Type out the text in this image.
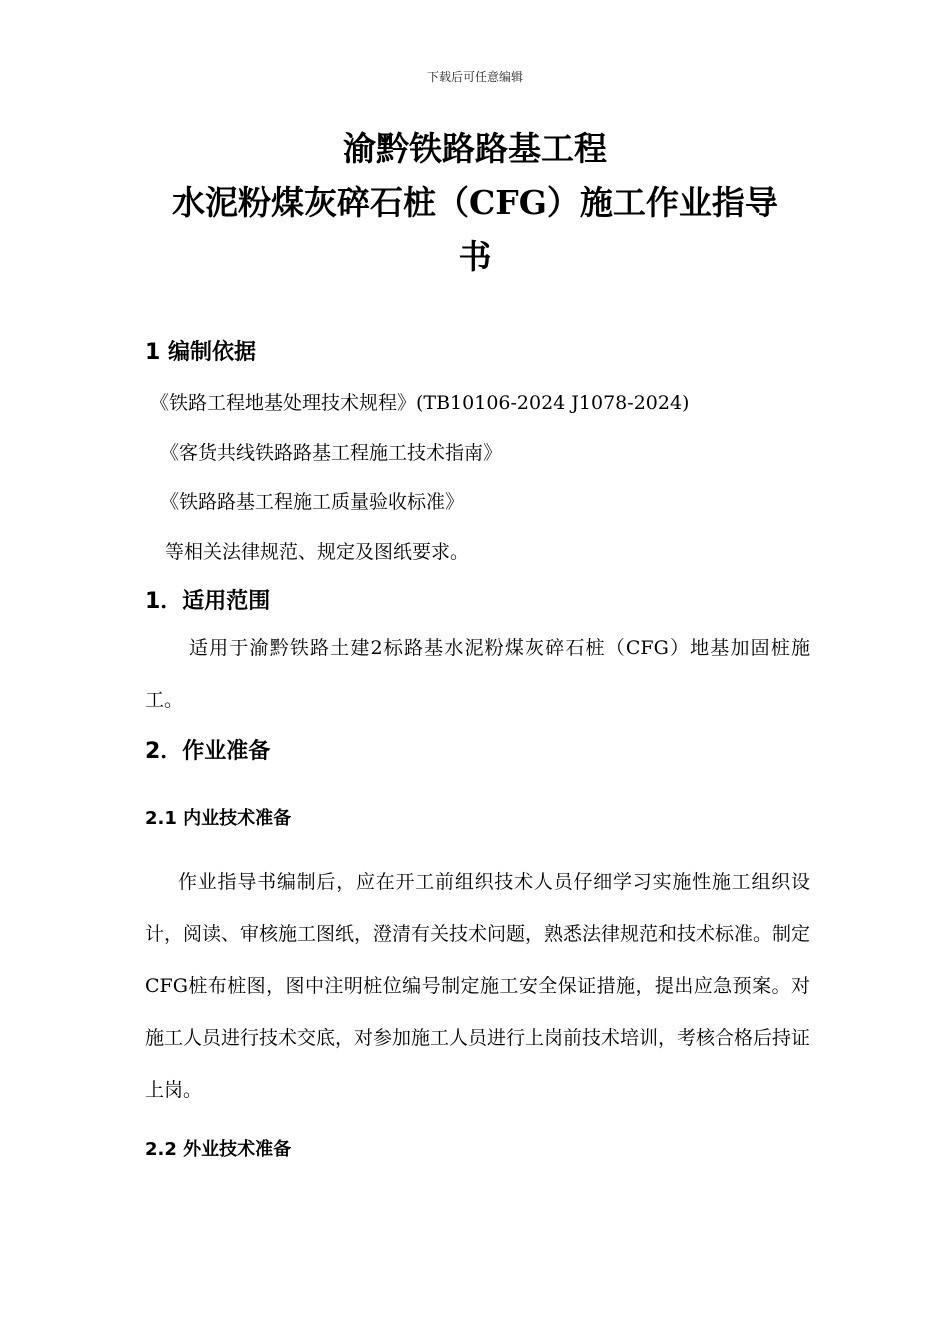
下载后可任意编辑
渝黔铁路路基工程
水泥粉煤灰碎石桩（CFG）施工作业指导
书
1 编制依据
《铁路工程地基处理技术规程》(TB10106-2024 J1078-2024)
《客货共线铁路路基工程施工技术指南》
《铁路路基工程施工质量验收标准》
等相关法律规范、规定及图纸要求。
1．适用范围
适用于渝黔铁路土建2标路基水泥粉煤灰碎石桩（CFG）地基加固桩施工。
2．作业准备
2.1 内业技术准备
作业指导书编制后，应在开工前组织技术人员仔细学习实施性施工组织设计，阅读、审核施工图纸，澄清有关技术问题，熟悉法律规范和技术标准。制定CFG桩布桩图，图中注明桩位编号制定施工安全保证措施，提出应急预案。对施工人员进行技术交底，对参加施工人员进行上岗前技术培训，考核合格后持证上岗。
2.2 外业技术准备
